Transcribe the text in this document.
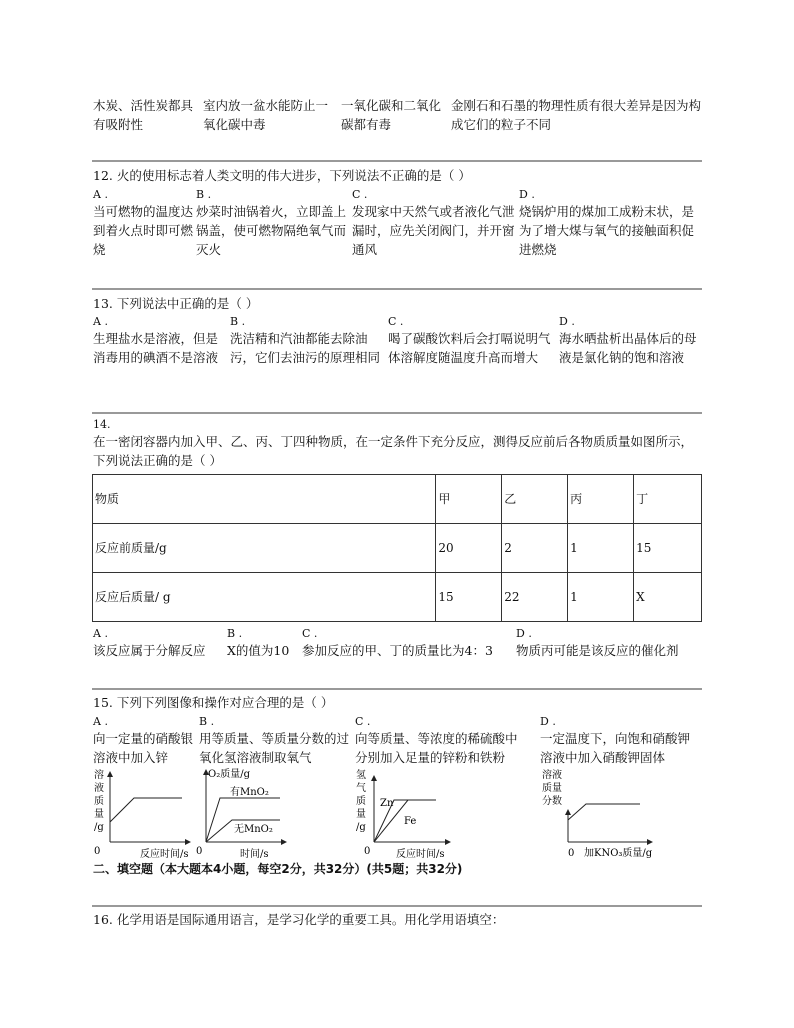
木炭、活性炭都具有吸附性
室内放一盆水能防止一氧化碳中毒
一氧化碳和二氧化碳都有毒
金刚石和石墨的物理性质有很大差异是因为构成它们的粒子不同
12. 火的使用标志着人类文明的伟大进步，下列说法不正确的是（ ）
A .
当可燃物的温度达到着火点时即可燃烧
B .
炒菜时油锅着火，立即盖上锅盖，使可燃物隔绝氧气而灭火
C .
发现家中天然气或者液化气泄漏时，应先关闭阀门，并开窗通风
D .
烧锅炉用的煤加工成粉末状，是为了增大煤与氧气的接触面积促进燃烧
13. 下列说法中正确的是（ ）
A .
生理盐水是溶液，但是消毒用的碘酒不是溶液
B .
洗洁精和汽油都能去除油污，它们去油污的原理相同
C .
喝了碳酸饮料后会打嗝说明气体溶解度随温度升高而增大
D .
海水晒盐析出晶体后的母液是氯化钠的饱和溶液
14.
在一密闭容器内加入甲、乙、丙、丁四种物质，在一定条件下充分反应，测得反应前后各物质质量如图所示，下列说法正确的是（ ）
物质	甲	乙	丙	丁
反应前质量/g	20	2	1	15
反应后质量/ g	15	22	1	X
A .
该反应属于分解反应
B .
X的值为10
C .
参加反应的甲、丁的质量比为4：3
D .
物质丙可能是该反应的催化剂
15. 下列下列图像和操作对应合理的是（ ）
A .
向一定量的硝酸银溶液中加入锌
B .
用等质量、等质量分数的过氧化氢溶液制取氧气
C .
向等质量、等浓度的稀硫酸中分别加入足量的锌粉和铁粉
D .
一定温度下，向饱和硝酸钾溶液中加入硝酸钾固体
溶
液
质
量
/g
0	反应时间/s
O₂质量/g
有MnO₂
无MnO₂
0	时间/s
氢
气
质
量
/g
Zn
Fe
0	反应时间/s
溶液
质量
分数
0 加KNO₃质量/g
二、填空题（本大题本4小题，每空2分，共32分）(共5题；共32分)
16. 化学用语是国际通用语言，是学习化学的重要工具。用化学用语填空：
